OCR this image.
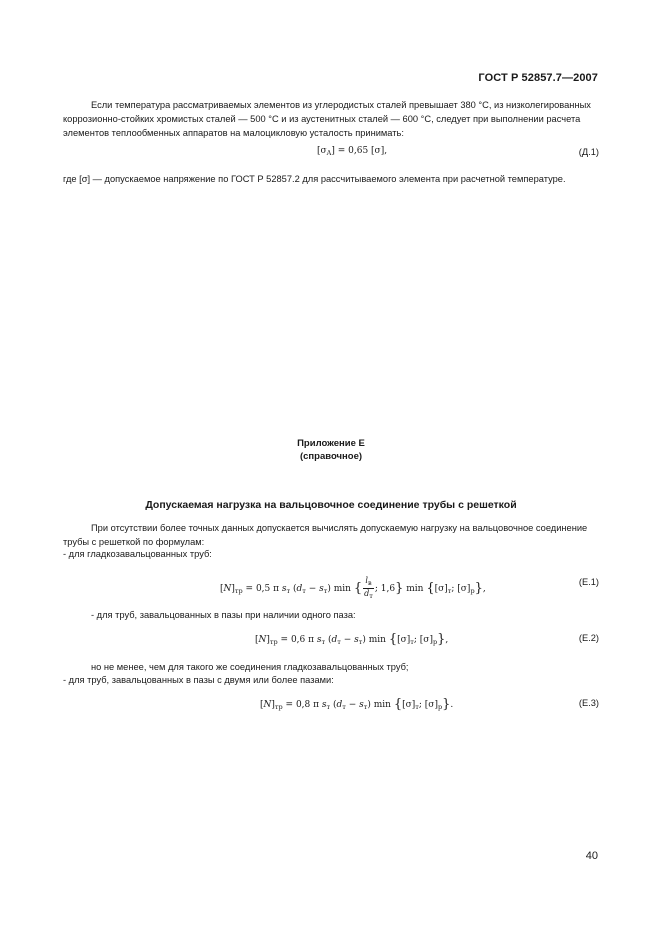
ГОСТ Р 52857.7—2007
Если температура рассматриваемых элементов из углеродистых сталей превышает 380 °С, из низколегированных коррозионно-стойких хромистых сталей — 500 °С и из аустенитных сталей — 600 °С, следует при выполнении расчета элементов теплообменных аппаратов на малоцикловую усталость принимать:
$[\sigma_A] = 0,65$ [σ],	(Д.1)
где [σ] — допускаемое напряжение по ГОСТ Р 52857.2 для рассчитываемого элемента при расчетной температуре.
Приложение Е
(справочное)
Допускаемая нагрузка на вальцовочное соединение трубы с решеткой
При отсутствии более точных данных допускается вычислять допускаемую нагрузку на вальцовочное соединение трубы с решеткой по формулам:
- для гладкозавальцованных труб:
$[N]_{тр} = 0,5$ π $s_т$ $(d_т - s_т)$ min { $\frac{l_в}{d_т}$ ; 1,6} $\min \{[\sigma]_т$; $[\sigma]_р$},
(Е.1)
- для труб, завальцованных в пазы при наличии одного паза:
$[N]_{тр} = 0,6$ π $s_т$ $(d_т - s_т)$ $\min \{[\sigma]_т$; $[\sigma]_р$},	(Е.2)
но не менее, чем для такого же соединения гладкозавальцованных труб;
- для труб, завальцованных в пазы с двумя или более пазами:
$[N]_{тр} = 0,8$ π $s_т$ $(d_т - s_т)$ $\min \{[\sigma]_т$; $[\sigma]_р$}.	(Е.3)
40
